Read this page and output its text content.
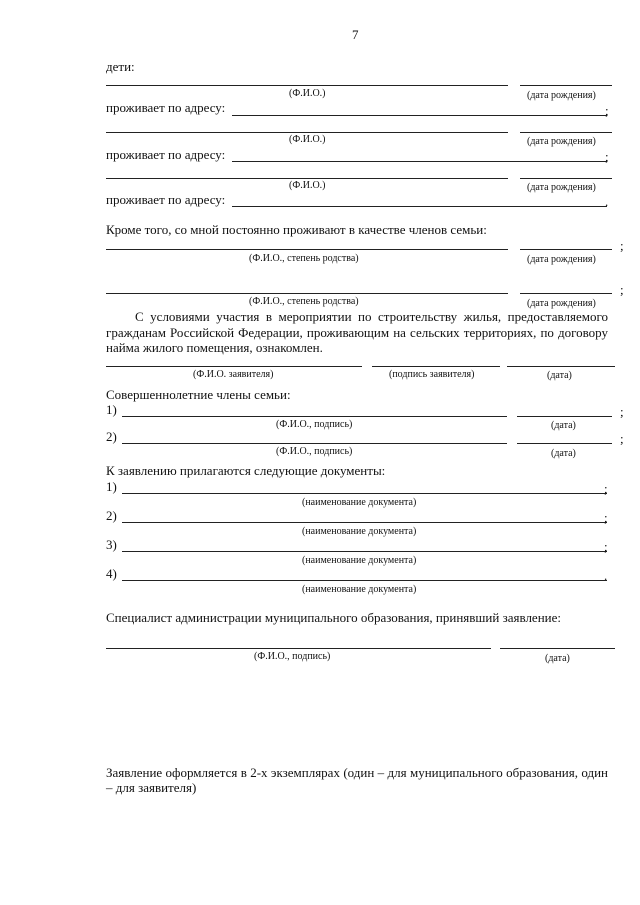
7
дети:
(Ф.И.О.)	(дата рождения)
проживает по адресу:	;
(Ф.И.О.)	(дата рождения)
проживает по адресу:	;
(Ф.И.О.)	(дата рождения)
проживает по адресу:	.
Кроме того, со мной постоянно проживают в качестве членов семьи:
;
(Ф.И.О., степень родства)	(дата рождения)
;
(Ф.И.О., степень родства)	(дата рождения)
С условиями участия в мероприятии по строительству жилья, предоставляемого
гражданам Российской Федерации, проживающим на сельских территориях, по договору
найма жилого помещения, ознакомлен.
(Ф.И.О. заявителя)	(подпись заявителя)	(дата)
Совершеннолетние члены семьи:
1)	;
(Ф.И.О., подпись)	(дата)
2)	;
(Ф.И.О., подпись)	(дата)
К заявлению прилагаются следующие документы:
1)	;
(наименование документа)
2)	;
(наименование документа)
3)	;
(наименование документа)
4)	.
(наименование документа)
Специалист администрации муниципального образования, принявший заявление:
(Ф.И.О., подпись)	(дата)
Заявление оформляется в 2-х экземплярах (один – для муниципального образования, один
– для заявителя)
